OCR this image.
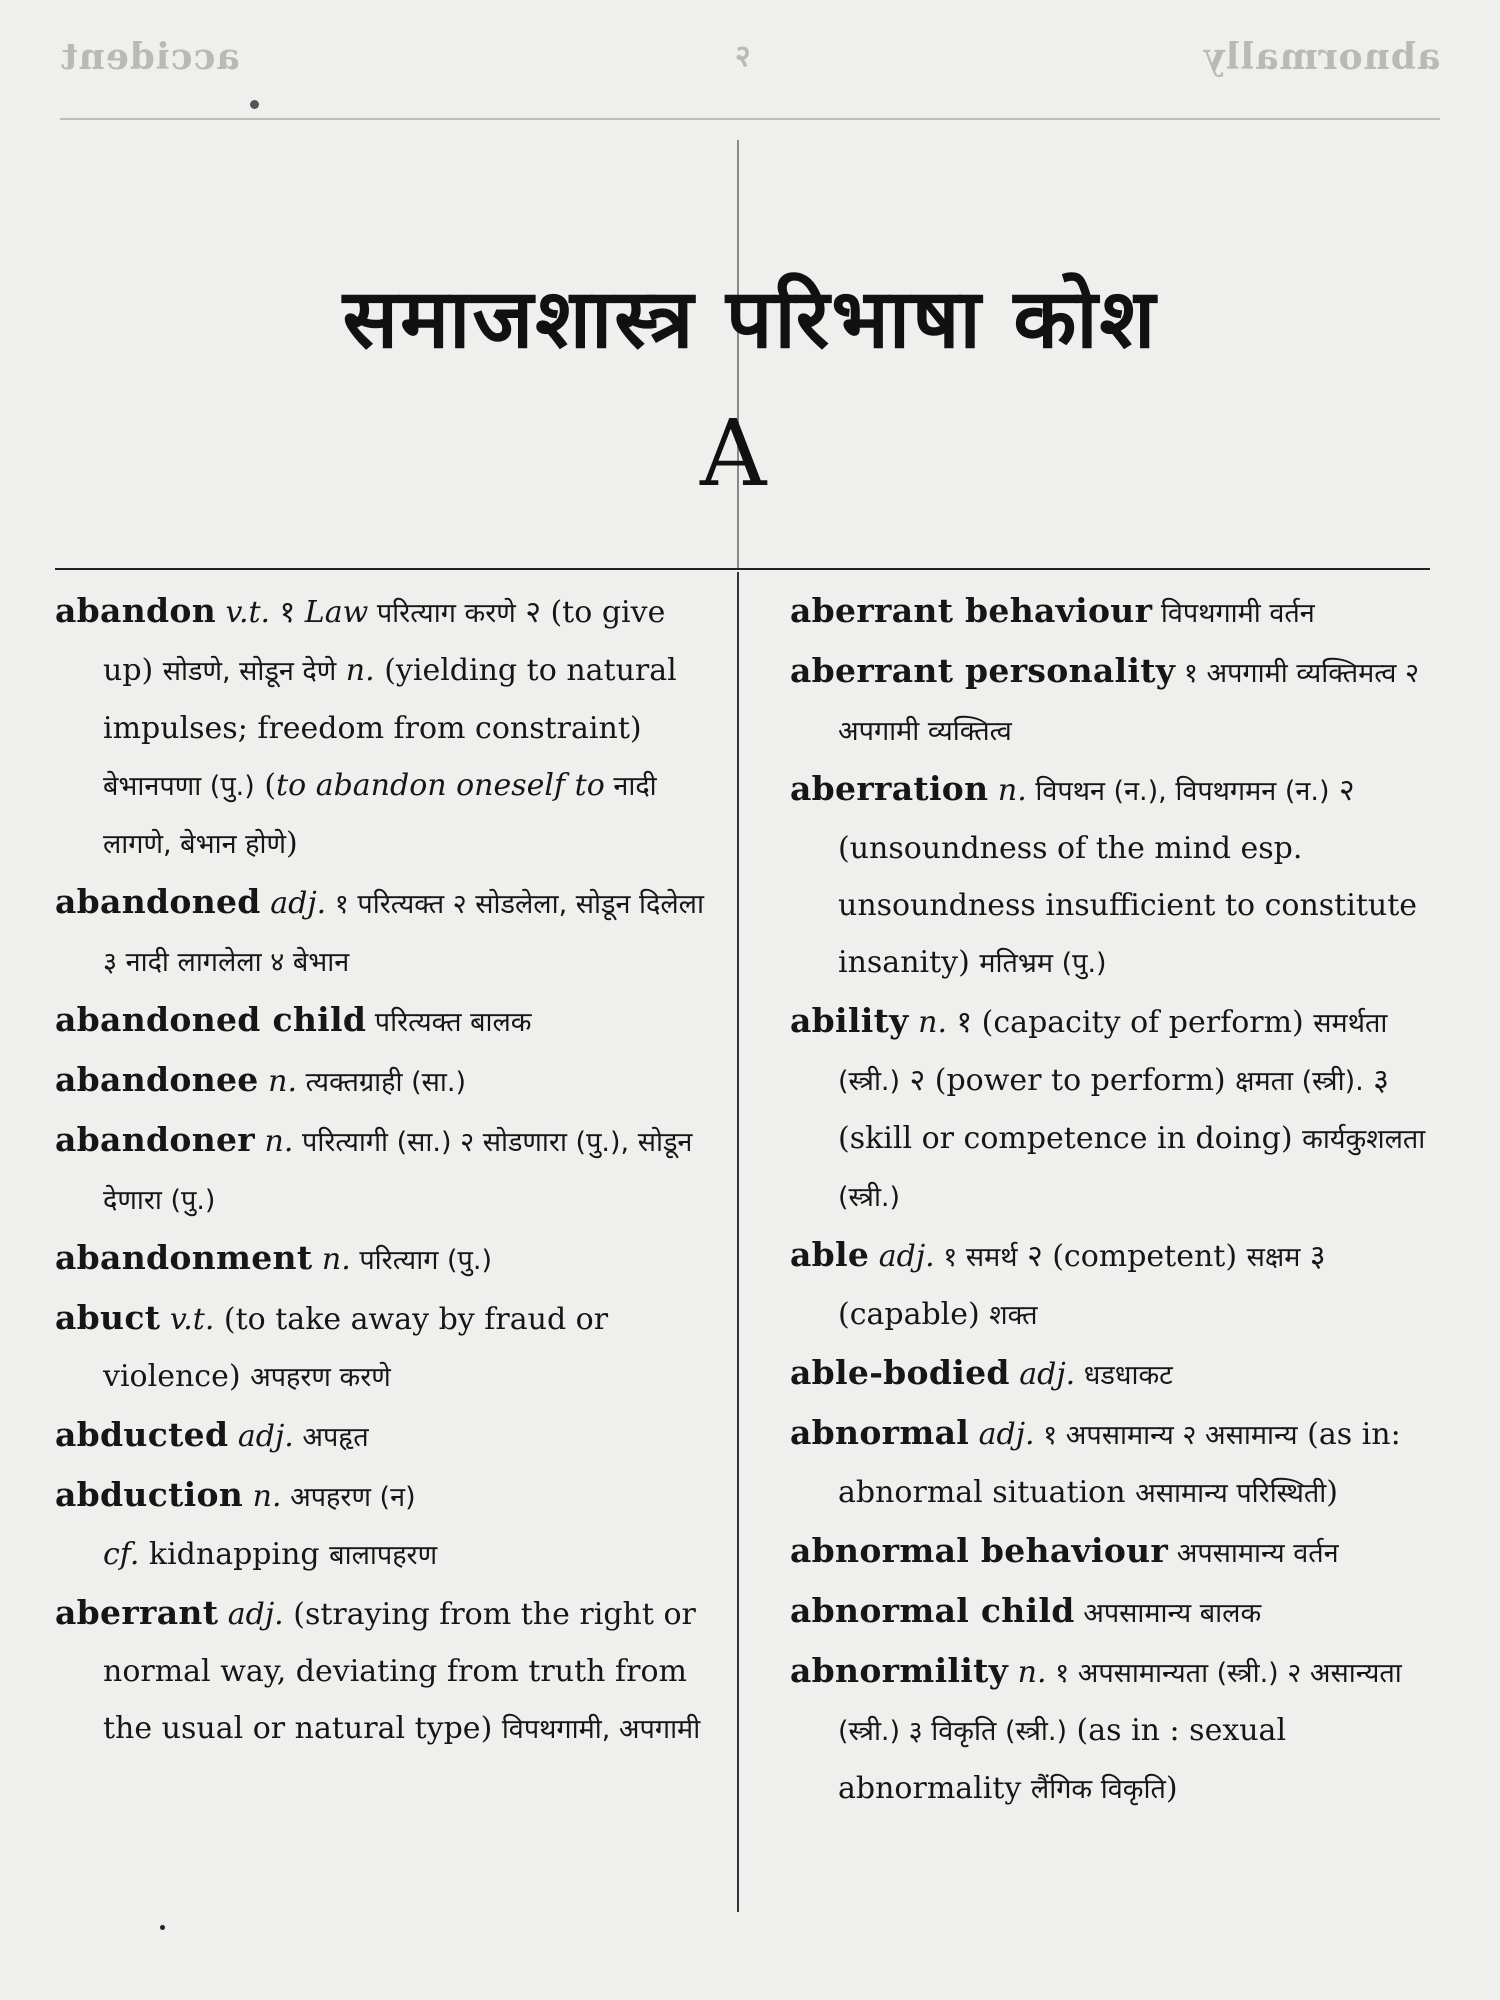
accident	२	abnormally
समाजशास्त्र परिभाषा कोश
A
abandon v.t. १ Law परित्याग करणे २ (to give up) सोडणे, सोडून देणे n. (yielding to natural impulses; freedom from constraint) बेभानपणा (पु.) (to abandon oneself to नादी लागणे, बेभान होणे)
abandoned adj. १ परित्यक्त २ सोडलेला, सोडून दिलेला ३ नादी लागलेला ४ बेभान
abandoned child परित्यक्त बालक
abandonee n. त्यक्तग्राही (सा.)
abandoner n. परित्यागी (सा.) २ सोडणारा (पु.), सोडून देणारा (पु.)
abandonment n. परित्याग (पु.)
abuct v.t. (to take away by fraud or violence) अपहरण करणे
abducted adj. अपहृत
abduction n. अपहरण (न)
cf. kidnapping बालापहरण
aberrant adj. (straying from the right or normal way, deviating from truth from the usual or natural type) विपथगामी, अपगामी
aberrant behaviour विपथगामी वर्तन
aberrant personality १ अपगामी व्यक्तिमत्व २ अपगामी व्यक्तित्व
aberration n. विपथन (न.), विपथगमन (न.) २ (unsoundness of the mind esp. unsoundness insufficient to constitute insanity) मतिभ्रम (पु.)
ability n. १ (capacity of perform) समर्थता (स्त्री.) २ (power to perform) क्षमता (स्त्री). ३ (skill or competence in doing) कार्यकुशलता (स्त्री.)
able adj. १ समर्थ २ (competent) सक्षम ३ (capable) शक्त
able-bodied adj. धडधाकट
abnormal adj. १ अपसामान्य २ असामान्य (as in: abnormal situation असामान्य परिस्थिती)
abnormal behaviour अपसामान्य वर्तन
abnormal child अपसामान्य बालक
abnormility n. १ अपसामान्यता (स्त्री.) २ असान्यता (स्त्री.) ३ विकृति (स्त्री.) (as in : sexual abnormality लैंगिक विकृति)
